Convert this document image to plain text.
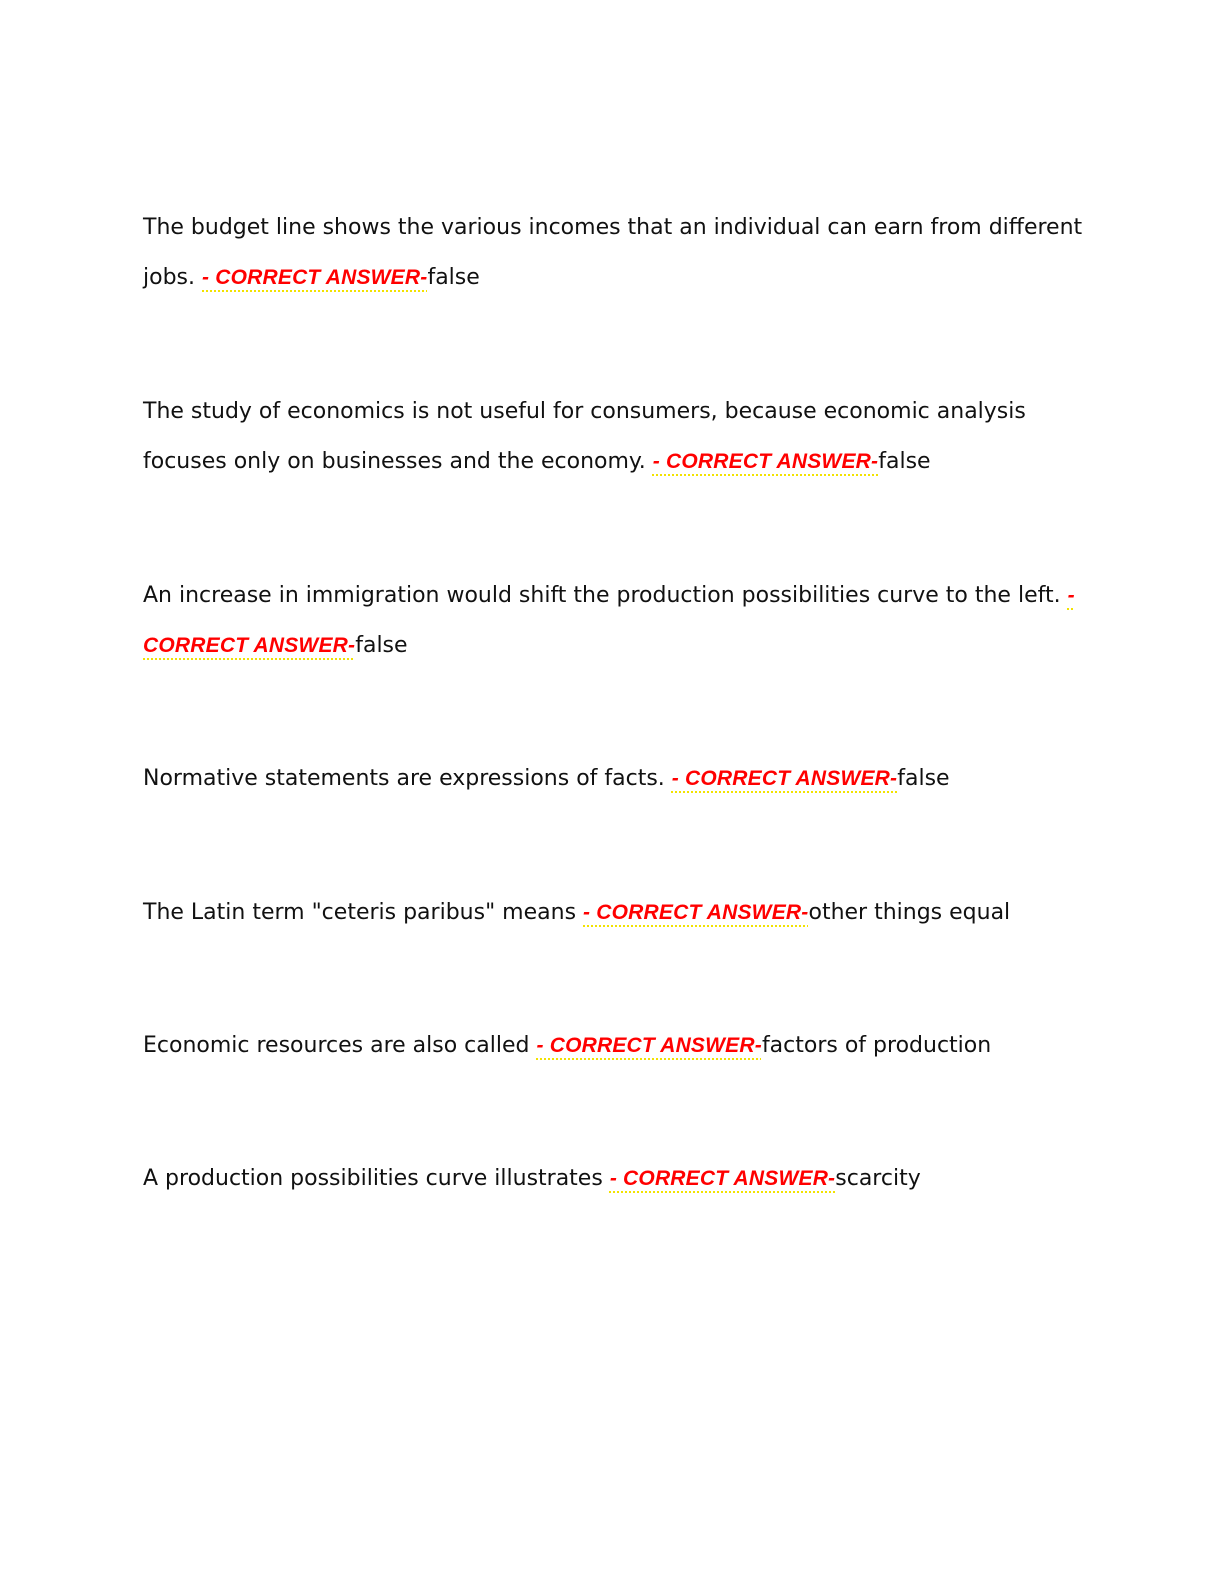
The budget line shows the various incomes that an individual can earn from different jobs. - CORRECT ANSWER-false

The study of economics is not useful for consumers, because economic analysis focuses only on businesses and the economy. - CORRECT ANSWER-false

An increase in immigration would shift the production possibilities curve to the left. - CORRECT ANSWER-false

Normative statements are expressions of facts. - CORRECT ANSWER-false

The Latin term "ceteris paribus" means - CORRECT ANSWER-other things equal

Economic resources are also called - CORRECT ANSWER-factors of production

A production possibilities curve illustrates - CORRECT ANSWER-scarcity
